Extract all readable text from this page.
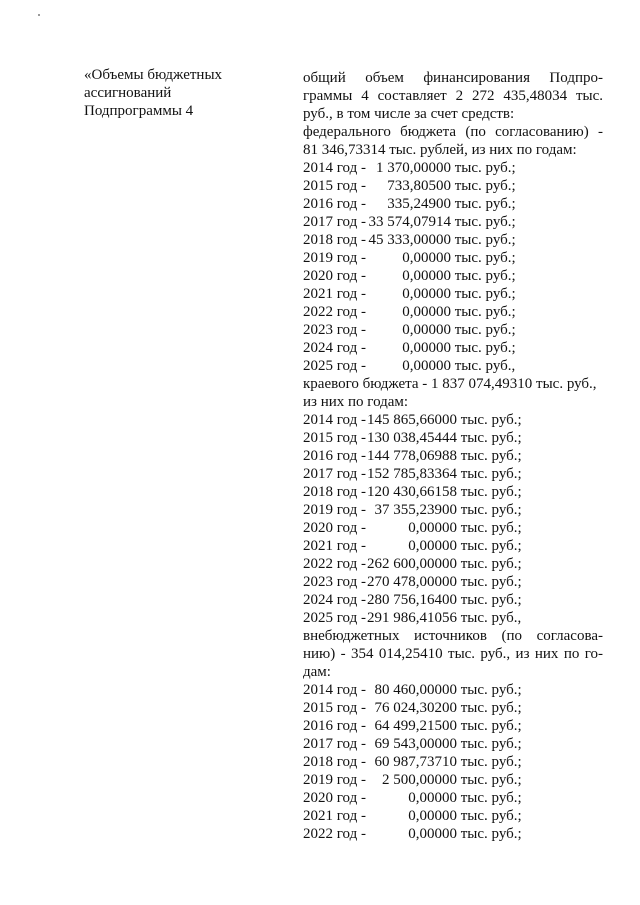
«Объемы бюджетных
ассигнований
Подпрограммы 4
общий объем финансирования Подпро-
граммы 4 составляет 2 272 435,48034 тыс.
руб., в том числе за счет средств:
федерального бюджета (по согласованию) -
81 346,73314 тыс. рублей, из них по годам:
2014 год - 1 370,00000 тыс. руб.;
2015 год - 733,80500 тыс. руб.;
2016 год - 335,24900 тыс. руб.;
2017 год - 33 574,07914 тыс. руб.;
2018 год - 45 333,00000 тыс. руб.;
2019 год - 0,00000 тыс. руб.;
2020 год - 0,00000 тыс. руб.;
2021 год - 0,00000 тыс. руб.;
2022 год - 0,00000 тыс. руб.;
2023 год - 0,00000 тыс. руб.;
2024 год - 0,00000 тыс. руб.;
2025 год - 0,00000 тыс. руб.,
краевого бюджета - 1 837 074,49310 тыс. руб.,
из них по годам:
2014 год -145 865,66000 тыс. руб.;
2015 год -130 038,45444 тыс. руб.;
2016 год -144 778,06988 тыс. руб.;
2017 год -152 785,83364 тыс. руб.;
2018 год -120 430,66158 тыс. руб.;
2019 год - 37 355,23900 тыс. руб.;
2020 год -	0,00000 тыс. руб.;
2021 год -	0,00000 тыс. руб.;
2022 год -262 600,00000 тыс. руб.;
2023 год -270 478,00000 тыс. руб.;
2024 год -280 756,16400 тыс. руб.;
2025 год -291 986,41056 тыс. руб.,
внебюджетных источников (по согласова-
нию) - 354 014,25410 тыс. руб., из них по го-
дам:
2014 год - 80 460,00000 тыс. руб.;
2015 год - 76 024,30200 тыс. руб.;
2016 год - 64 499,21500 тыс. руб.;
2017 год - 69 543,00000 тыс. руб.;
2018 год - 60 987,73710 тыс. руб.;
2019 год - 2 500,00000 тыс. руб.;
2020 год -	0,00000 тыс. руб.;
2021 год -	0,00000 тыс. руб.;
2022 год -	0,00000 тыс. руб.;
